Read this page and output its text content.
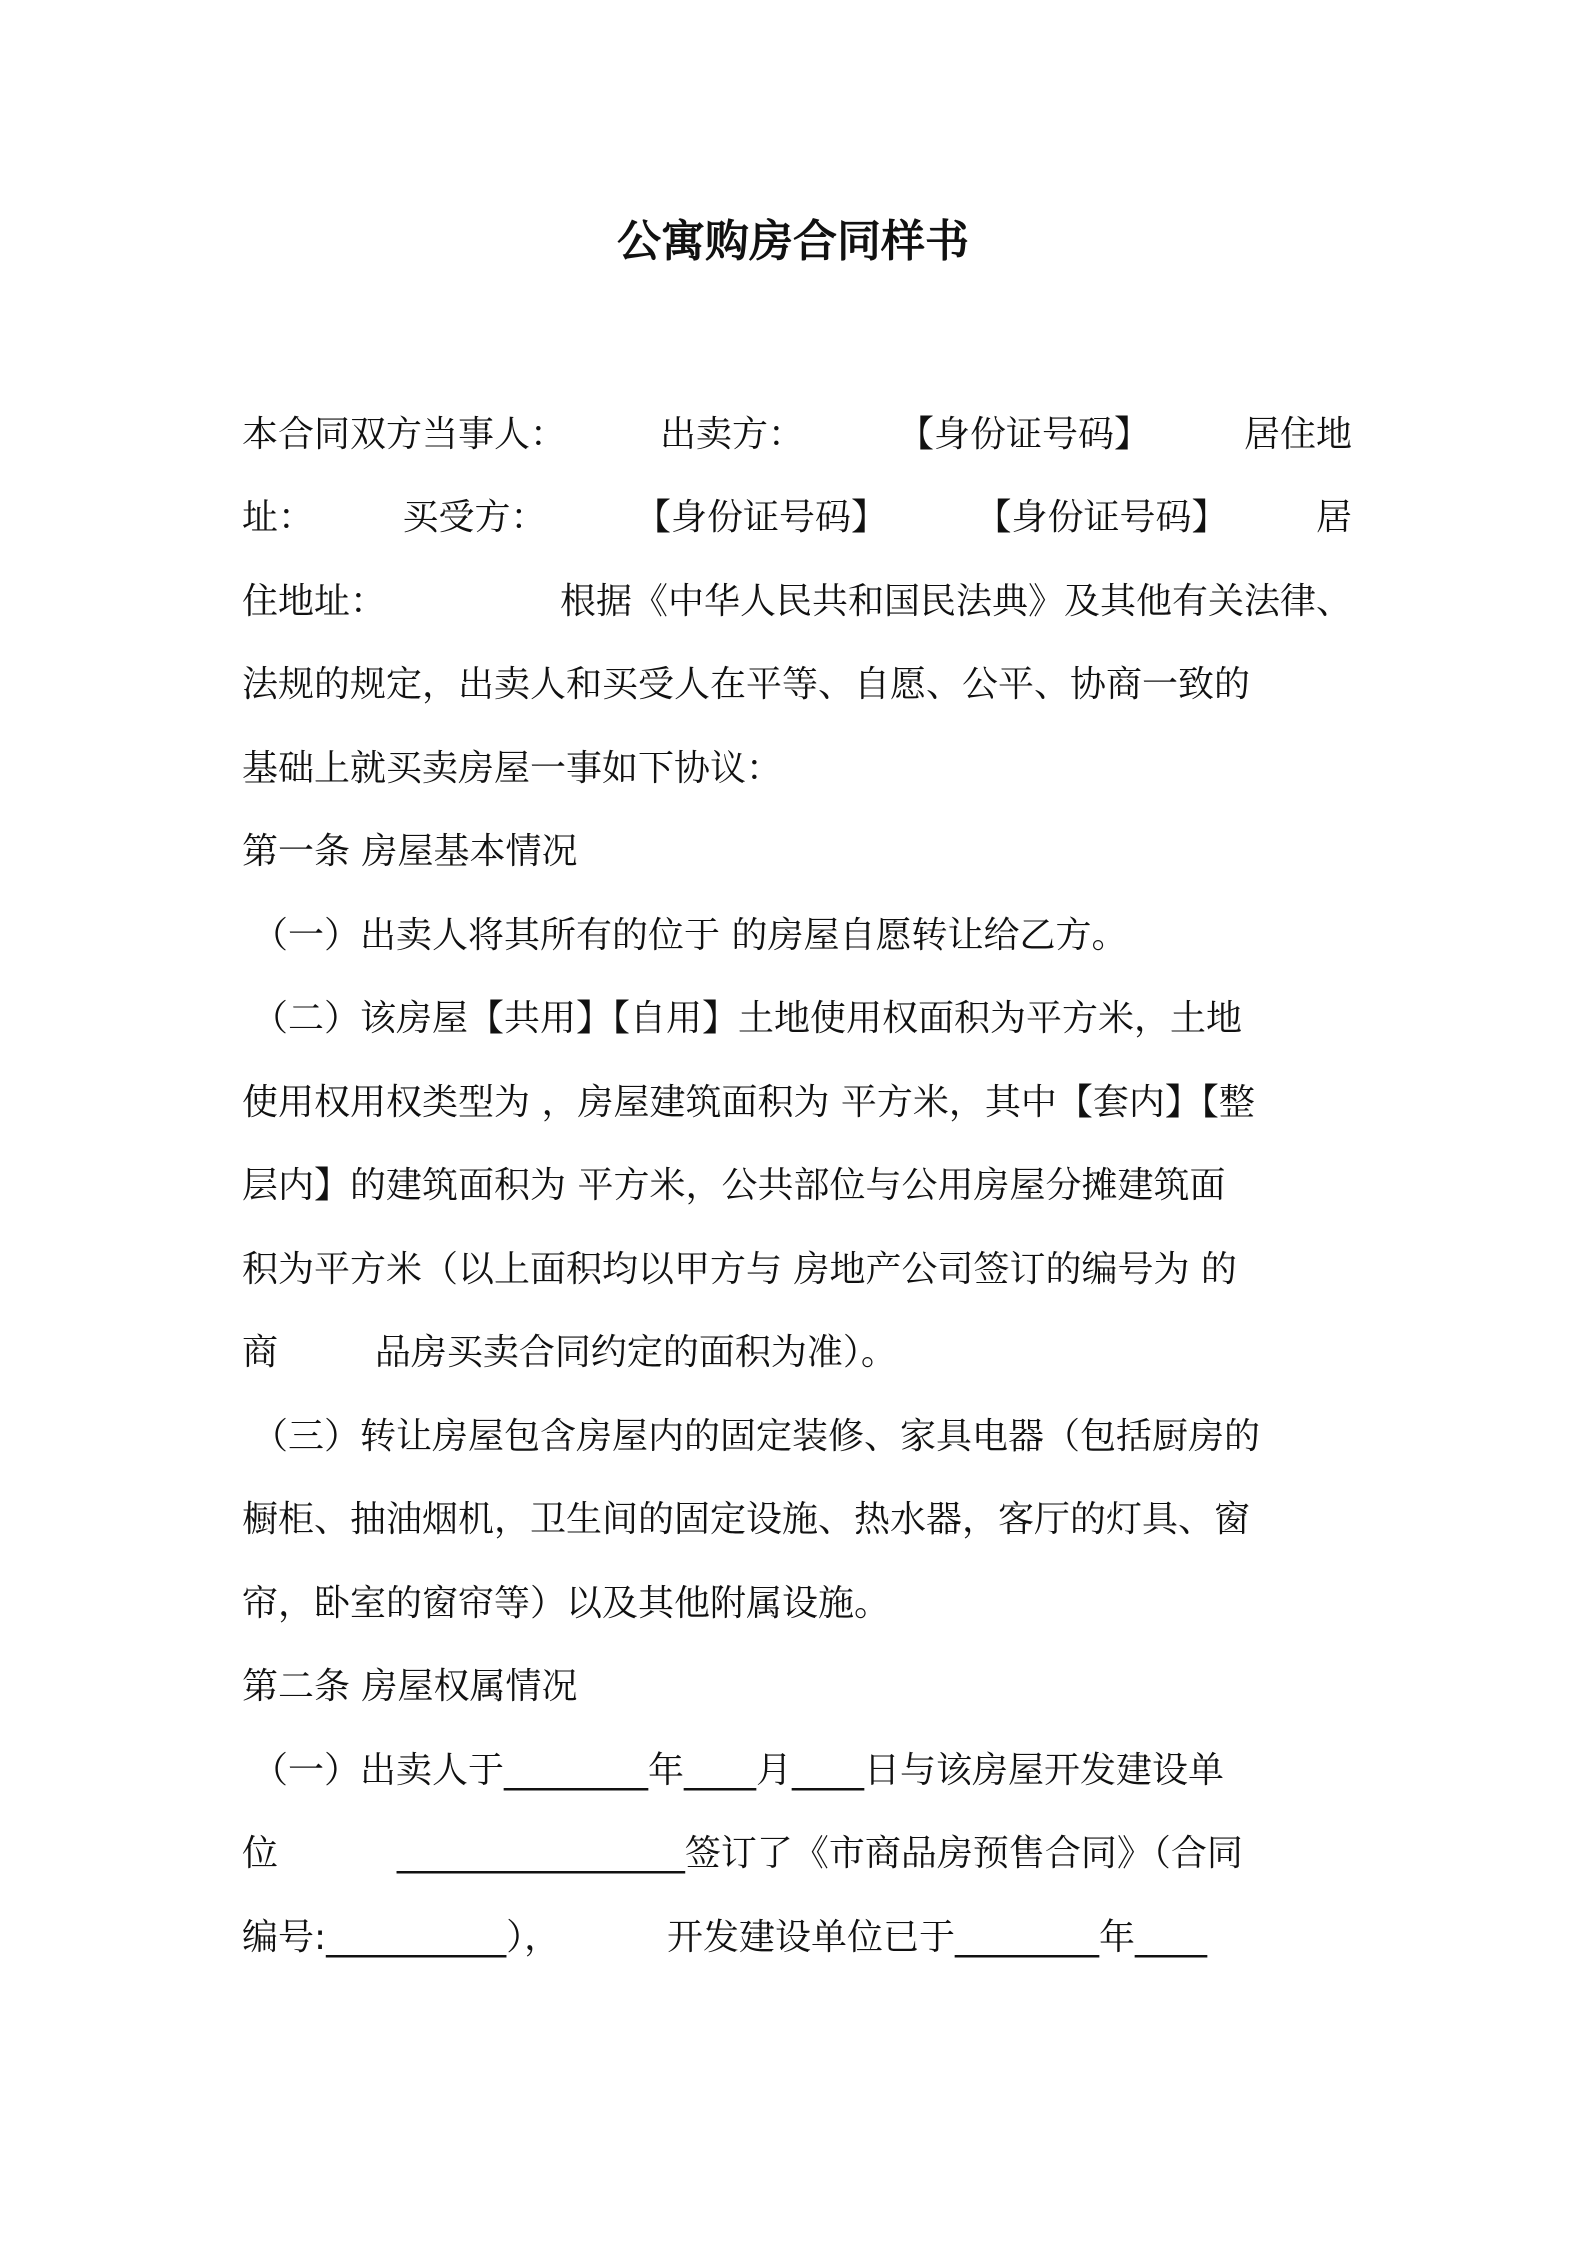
公寓购房合同样书
本合同双方当事人：	出卖方：	【身份证号码】	居住地
址： 买受方： 【身份证号码】 【身份证号码】 居
住地址：	根据《中华人民共和国民法典》及其他有关法律、
法规的规定，出卖人和买受人在平等、自愿、公平、协商一致的
基础上就买卖房屋一事如下协议：
第一条 房屋基本情况
（一）出卖人将其所有的位于 的房屋自愿转让给乙方。
（二）该房屋【共用】【自用】土地使用权面积为平方米，土地
使用权用权类型为 ，房屋建筑面积为 平方米，其中【套内】【整
层内】的建筑面积为 平方米，公共部位与公用房屋分摊建筑面
积为平方米（以上面积均以甲方与 房地产公司签订的编号为 的
商	品房买卖合同约定的面积为准）。
（三）转让房屋包含房屋内的固定装修、家具电器（包括厨房的
橱柜、抽油烟机，卫生间的固定设施、热水器，客厅的灯具、窗
帘，卧室的窗帘等）以及其他附属设施。
第二条 房屋权属情况
（一）出卖人于________年____月____日与该房屋开发建设单
位	________________签订了《市商品房预售合同》（合同
编号:__________），	开发建设单位已于________年____
